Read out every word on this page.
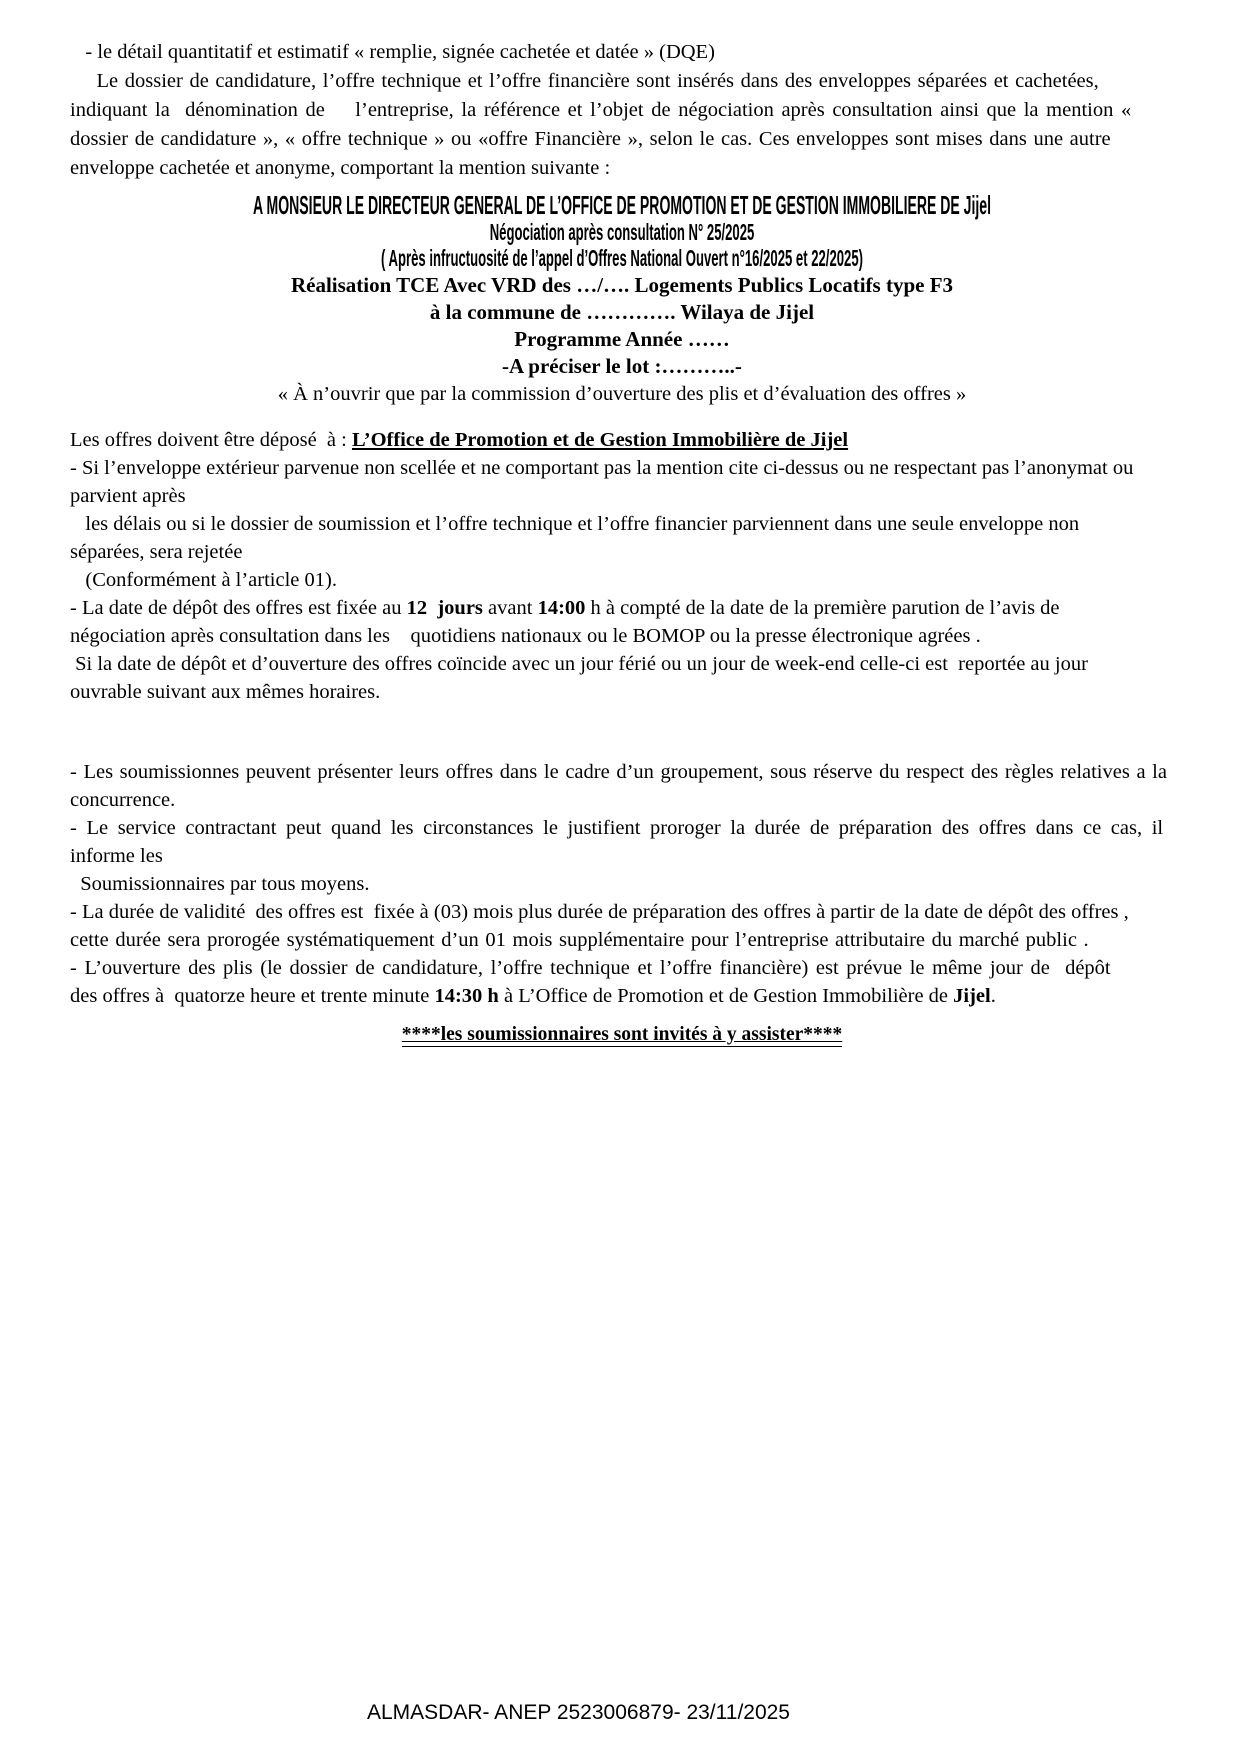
- le détail quantitatif et estimatif « remplie, signée cachetée et datée » (DQE)
Le dossier de candidature, l’offre technique et l’offre financière sont insérés dans des enveloppes séparées et cachetées,
indiquant la  dénomination de    l’entreprise, la référence et l’objet de négociation après consultation ainsi que la mention «
dossier de candidature », « offre technique » ou «offre Financière », selon le cas. Ces enveloppes sont mises dans une autre
enveloppe cachetée et anonyme, comportant la mention suivante :
A MONSIEUR LE DIRECTEUR GENERAL DE L’OFFICE DE PROMOTION ET DE GESTION IMMOBILIERE DE Jijel
Négociation après consultation N° 25/2025
( Après infructuosité de l’appel d’Offres National Ouvert n°16/2025 et 22/2025)
Réalisation TCE Avec VRD des …/…. Logements Publics Locatifs type F3
à la commune de …………. Wilaya de Jijel
Programme Année ……
-A préciser le lot :………..-
« À n’ouvrir que par la commission d’ouverture des plis et d’évaluation des offres »
Les offres doivent être déposé  à : L’Office de Promotion et de Gestion Immobilière de Jijel
- Si l’enveloppe extérieur parvenue non scellée et ne comportant pas la mention cite ci-dessus ou ne respectant pas l’anonymat ou
parvient après
les délais ou si le dossier de soumission et l’offre technique et l’offre financier parviennent dans une seule enveloppe non
séparées, sera rejetée
(Conformément à l’article 01).
- La date de dépôt des offres est fixée au 12  jours avant 14:00 h à compté de la date de la première parution de l’avis de
négociation après consultation dans les    quotidiens nationaux ou le BOMOP ou la presse électronique agrées .
Si la date de dépôt et d’ouverture des offres coïncide avec un jour férié ou un jour de week-end celle-ci est  reportée au jour
ouvrable suivant aux mêmes horaires.
- Les soumissionnes peuvent présenter leurs offres dans le cadre d’un groupement, sous réserve du respect des règles relatives a la
concurrence.
- Le service contractant peut quand les circonstances le justifient proroger la durée de préparation des offres dans ce cas, il
informe les
Soumissionnaires par tous moyens.
- La durée de validité  des offres est  fixée à (03) mois plus durée de préparation des offres à partir de la date de dépôt des offres ,
cette durée sera prorogée systématiquement d’un 01 mois supplémentaire pour l’entreprise attributaire du marché public .
- L’ouverture des plis (le dossier de candidature, l’offre technique et l’offre financière) est prévue le même jour de  dépôt
des offres à  quatorze heure et trente minute 14:30 h à L’Office de Promotion et de Gestion Immobilière de Jijel.
****les soumissionnaires sont invités à y assister****
ALMASDAR- ANEP 2523006879- 23/11/2025
